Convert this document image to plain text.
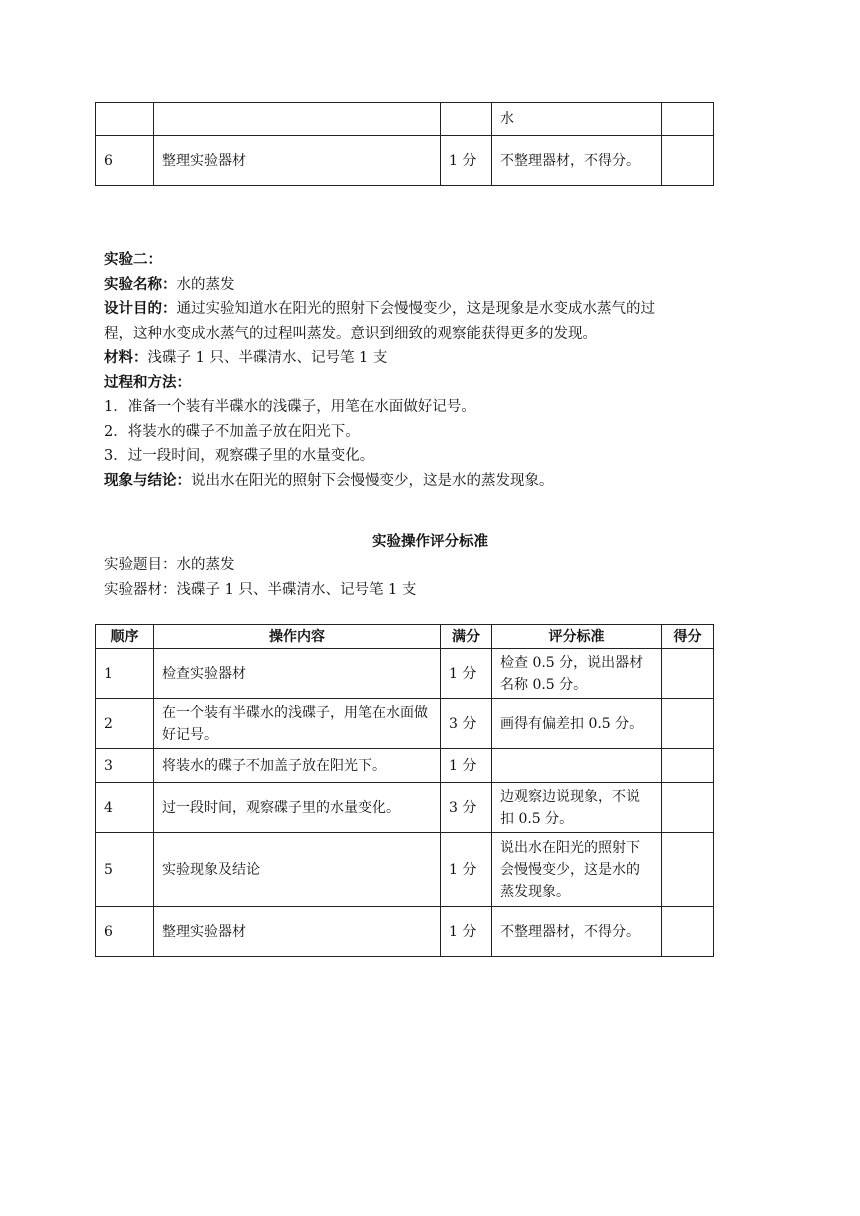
			水	
6	整理实验器材	1 分	不整理器材，不得分。	
实验二：
实验名称：水的蒸发
设计目的：通过实验知道水在阳光的照射下会慢慢变少，这是现象是水变成水蒸气的过
程，这种水变成水蒸气的过程叫蒸发。意识到细致的观察能获得更多的发现。
材料：浅碟子 1 只、半碟清水、记号笔 1 支
过程和方法：
1．准备一个装有半碟水的浅碟子，用笔在水面做好记号。
2．将装水的碟子不加盖子放在阳光下。
3．过一段时间，观察碟子里的水量变化。
现象与结论：说出水在阳光的照射下会慢慢变少，这是水的蒸发现象。
实验操作评分标准
实验题目：水的蒸发
实验器材：浅碟子 1 只、半碟清水、记号笔 1 支
顺序	操作内容	满分	评分标准	得分
1	检查实验器材	1 分	检查 0.5 分，说出器材名称 0.5 分。	
2	在一个装有半碟水的浅碟子，用笔在水面做好记号。	3 分	画得有偏差扣 0.5 分。	
3	将装水的碟子不加盖子放在阳光下。	1 分		
4	过一段时间，观察碟子里的水量变化。	3 分	边观察边说现象，不说扣 0.5 分。	
5	实验现象及结论	1 分	说出水在阳光的照射下会慢慢变少，这是水的蒸发现象。	
6	整理实验器材	1 分	不整理器材，不得分。	
